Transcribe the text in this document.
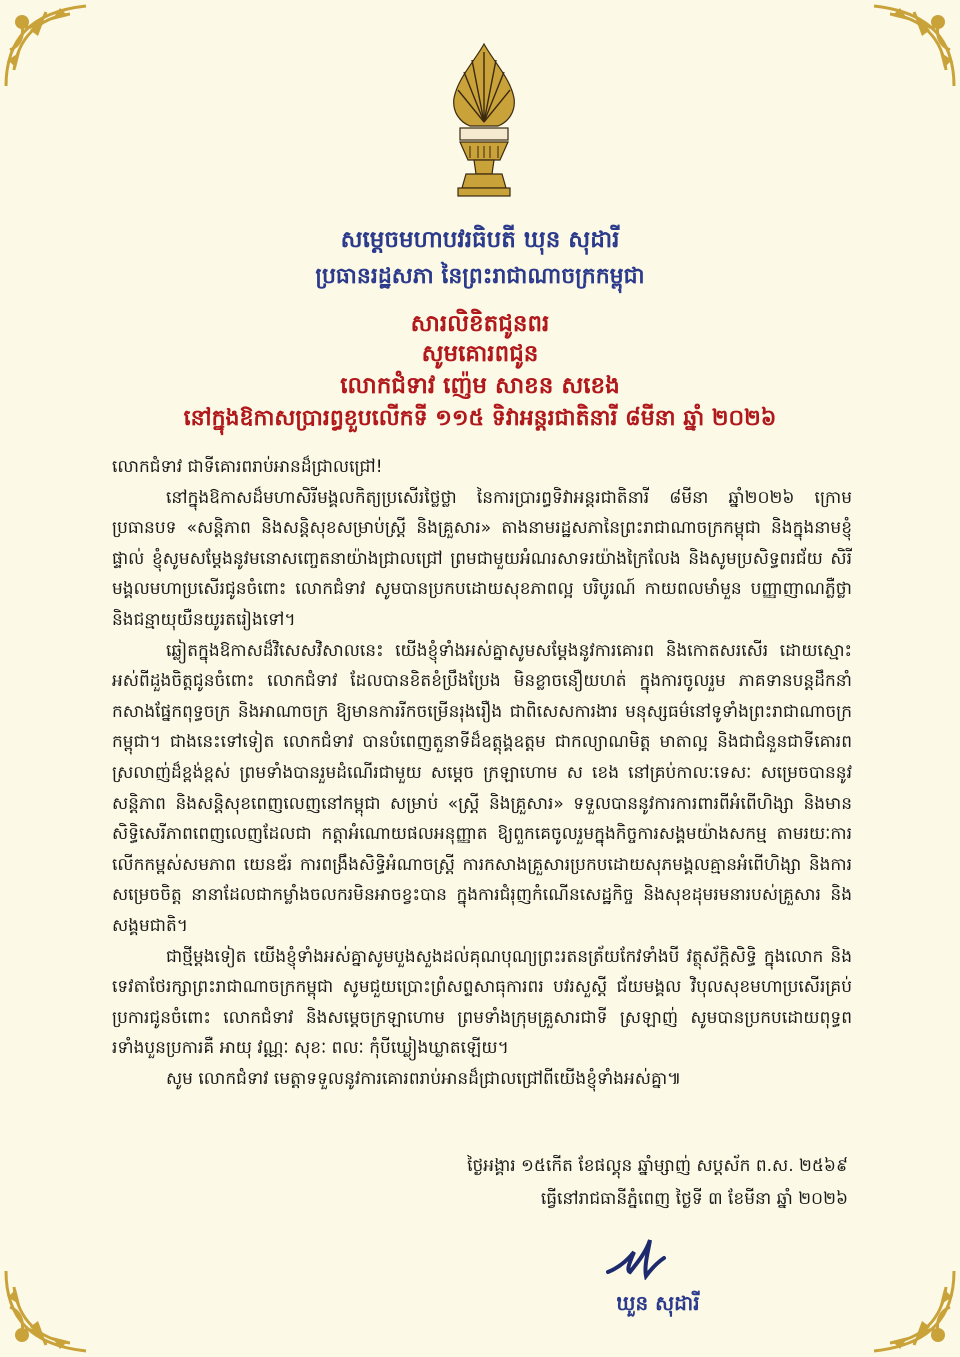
សម្ដេចមហាបវរធិបតី ឃុន សុដារី
ប្រធានរដ្ឋសភា នៃព្រះរាជាណាចក្រកម្ពុជា
សារលិខិតជូនពរ
សូមគោរពជូន
លោកជំទាវ ញ៉េម សាខន សខេង
នៅក្នុងឱកាសប្រារព្ធខួបលើកទី ១១៥ ទិវាអន្តរជាតិនារី ៨មីនា ឆ្នាំ ២០២៦

លោកជំទាវ ជាទីគោរពរាប់អានដ៏ជ្រាលជ្រៅ!

នៅក្នុងឱកាសដ៏មហាសិរីមង្គលកិត្យប្រសើរថ្លៃថ្លា នៃការប្រារព្ធទិវាអន្តរជាតិនារី ៨មីនា ឆ្នាំ២០២៦ ក្រោមប្រធានបទ «សន្តិភាព និងសន្តិសុខសម្រាប់ស្ត្រី និងគ្រួសារ» តាងនាមរដ្ឋសភានៃព្រះរាជាណាចក្រកម្ពុជា និងក្នុងនាមខ្ញុំផ្ទាល់ ខ្ញុំសូមសម្ដែងនូវមនោសញ្ចេតនាយ៉ាងជ្រាលជ្រៅ ព្រមជាមួយអំណរសាទរយ៉ាងក្រៃលែង និងសូមប្រសិទ្ធពរជ័យ សិរីមង្គលមហាប្រសើរជូនចំពោះ លោកជំទាវ សូមបានប្រកបដោយសុខភាពល្អ បរិបូរណ៍ កាយពលមាំមួន បញ្ញាញាណភ្លឺថ្លា និងជន្មាយុយឺនយូរតរៀងទៅ។

ឆ្លៀតក្នុងឱកាសដ៏វិសេសវិសាលនេះ យើងខ្ញុំទាំងអស់គ្នាសូមសម្ដែងនូវការគោរព និងកោតសរសើរ ដោយស្មោះអស់ពីដួងចិត្តជូនចំពោះ លោកជំទាវ ដែលបានខិតខំប្រឹងប្រែង មិនខ្លាចនឿយហត់ ក្នុងការចូលរួម ភាគទានបន្តដឹកនាំកសាងផ្នែកពុទ្ធចក្រ និងអាណាចក្រ ឱ្យមានការរីកចម្រើនរុងរឿង ជាពិសេសការងារ មនុស្សធម៌នៅទូទាំងព្រះរាជាណាចក្រកម្ពុជា។ ជាងនេះទៅទៀត លោកជំទាវ បានបំពេញតួនាទីដ៏ឧត្តុង្គឧត្តម ជាកល្យាណមិត្ត មាតាល្អ និងជាជំនួនជាទីគោរពស្រលាញ់ដ៏ខ្ពង់ខ្ពស់ ព្រមទាំងបានរួមដំណើរជាមួយ សម្ដេច ក្រឡាហោម ស ខេង នៅគ្រប់កាលៈទេសៈ សម្រេចបាននូវសន្តិភាព និងសន្តិសុខពេញលេញនៅកម្ពុជា សម្រាប់ «ស្ត្រី និងគ្រួសារ» ទទួលបាននូវការការពារពីអំពើហិង្សា និងមានសិទ្ធិសេរីភាពពេញលេញដែលជា កត្តាអំណោយផលអនុញ្ញាត ឱ្យពួកគេចូលរួមក្នុងកិច្ចការសង្គមយ៉ាងសកម្ម តាមរយៈការលើកកម្ពស់សមភាព យេនឌ័រ ការពង្រឹងសិទ្ធិអំណាចស្ត្រី ការកសាងគ្រួសារប្រកបដោយសុភមង្គលគ្មានអំពើហិង្សា និងការសម្រេចចិត្ត នានាដែលជាកម្លាំងចលករមិនអាចខ្វះបាន ក្នុងការជំរុញកំណើនសេដ្ឋកិច្ច និងសុខដុមរមនារបស់គ្រួសារ និងសង្គមជាតិ។

ជាថ្មីម្ដងទៀត យើងខ្ញុំទាំងអស់គ្នាសូមបួងសួងដល់គុណបុណ្យព្រះរតនត្រ័យកែវទាំងបី វត្ថុស័ក្តិសិទ្ធិ ក្នុងលោក និងទេវតាថែរក្សាព្រះរាជាណាចក្រកម្ពុជា សូមជួយប្រោះព្រំសព្ទសាធុការពរ បវរសួស្តី ជ័យមង្គល វិបុលសុខមហាប្រសើរគ្រប់ប្រការជូនចំពោះ លោកជំទាវ និងសម្ដេចក្រឡាហោម ព្រមទាំងក្រុមគ្រួសារជាទី ស្រឡាញ់ សូមបានប្រកបដោយពុទ្ធពរទាំងបួនប្រការគឺ អាយុ វណ្ណៈ សុខៈ ពលៈ កុំបីឃ្លៀងឃ្លាតឡើយ។

សូម លោកជំទាវ មេត្តាទទួលនូវការគោរពរាប់អានដ៏ជ្រាលជ្រៅពីយើងខ្ញុំទាំងអស់គ្នា៕

ថ្ងៃអង្គារ ១៥កើត ខែផល្គុន ឆ្នាំម្សាញ់ សប្តស័ក ព.ស. ២៥៦៩
ធ្វើនៅរាជធានីភ្នំពេញ ថ្ងៃទី ៣ ខែមីនា ឆ្នាំ ២០២៦
ឃួន សុដារី
